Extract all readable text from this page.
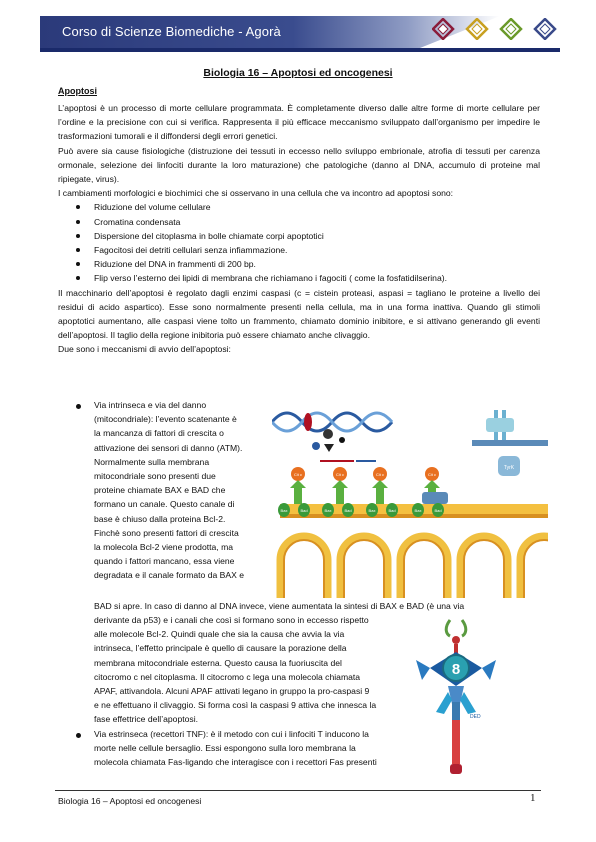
Corso di Scienze Biomediche - Agorà
Biologia 16 – Apoptosi ed oncogenesi
Apoptosi

L’apoptosi è un processo di morte cellulare programmata. È completamente diverso dalle altre forme di morte cellulare per l’ordine e la precisione con cui si verifica. Rappresenta il più efficace meccanismo sviluppato dall’organismo per impedire le trasformazioni tumorali e il diffondersi degli errori genetici.

Può avere sia cause fisiologiche (distruzione dei tessuti in eccesso nello sviluppo embrionale, atrofia di tessuti per carenza ormonale, selezione dei linfociti durante la loro maturazione) che patologiche (danno al DNA, accumulo di proteine mal ripiegate, virus).

I cambiamenti morfologici e biochimici che si osservano in una cellula che va incontro ad apoptosi sono:

Riduzione del volume cellulare
Cromatina condensata
Dispersione del citoplasma in bolle chiamate corpi apoptotici
Fagocitosi dei detriti cellulari senza infiammazione.
Riduzione del DNA in frammenti di 200 bp.
Flip verso l’esterno dei lipidi di membrana che richiamano i fagociti ( come la fosfatidilserina).

Il macchinario dell’apoptosi è regolato dagli enzimi caspasi (c = cistein proteasi, aspasi = tagliano le proteine a livello dei residui di acido aspartico). Esse sono normalmente presenti nella cellula, ma in una forma inattiva. Quando gli stimoli apoptotici aumentano, alle caspasi viene tolto un frammento, chiamato dominio inibitore, e si attivano generando gli eventi dell’apoptosi. Il taglio della regione inibitoria può essere chiamato anche clivaggio.

Due sono i meccanismi di avvio dell’apoptosi:

Via intrinseca e via del danno
(mitocondriale): l’evento scatenante è
la mancanza di fattori di crescita o
attivazione dei sensori di danno (ATM).
Normalmente sulla membrana
mitocondriale sono presenti due
proteine chiamate BAX e BAD che
formano un canale. Questo canale di
base è chiuso dalla proteina Bcl-2.
Finchè sono presenti fattori di crescita
la molecola Bcl-2 viene prodotta, ma
quando i fattori mancano, essa viene
degradata e il canale formato da BAX e
BAD si apre. In caso di danno al DNA invece, viene aumentata la sintesi di BAX e BAD (è una via
derivante da p53) e i canali che così si formano sono in eccesso rispetto
alle molecole Bcl-2. Quindi quale che sia la causa che avvia la via
intrinseca, l’effetto principale è quello di causare la porazione della
membrana mitocondriale esterna. Questo causa la fuoriuscita del
citocromo c nel citoplasma. Il citocromo c lega una molecola chiamata
APAF, attivandola. Alcuni APAF attivati legano in gruppo la pro-caspasi 9
e ne effettuano il clivaggio. Si forma così la caspasi 9 attiva che innesca la
fase effettrice dell’apoptosi.
Via estrinseca (recettori TNF): è il metodo con cui i linfociti T inducono la
morte nelle cellule bersaglio. Essi espongono sulla loro membrana la
molecola chiamata Fas-ligando che interagisce con i recettori Fas presenti
TyrK
Cit c	Cit c	Cit c	Cit c
Bax	Bad	Bax	Bad	Bax	Bad	Bax	Bad
8
DED
Biologia 16 – Apoptosi ed oncogenesi	1
